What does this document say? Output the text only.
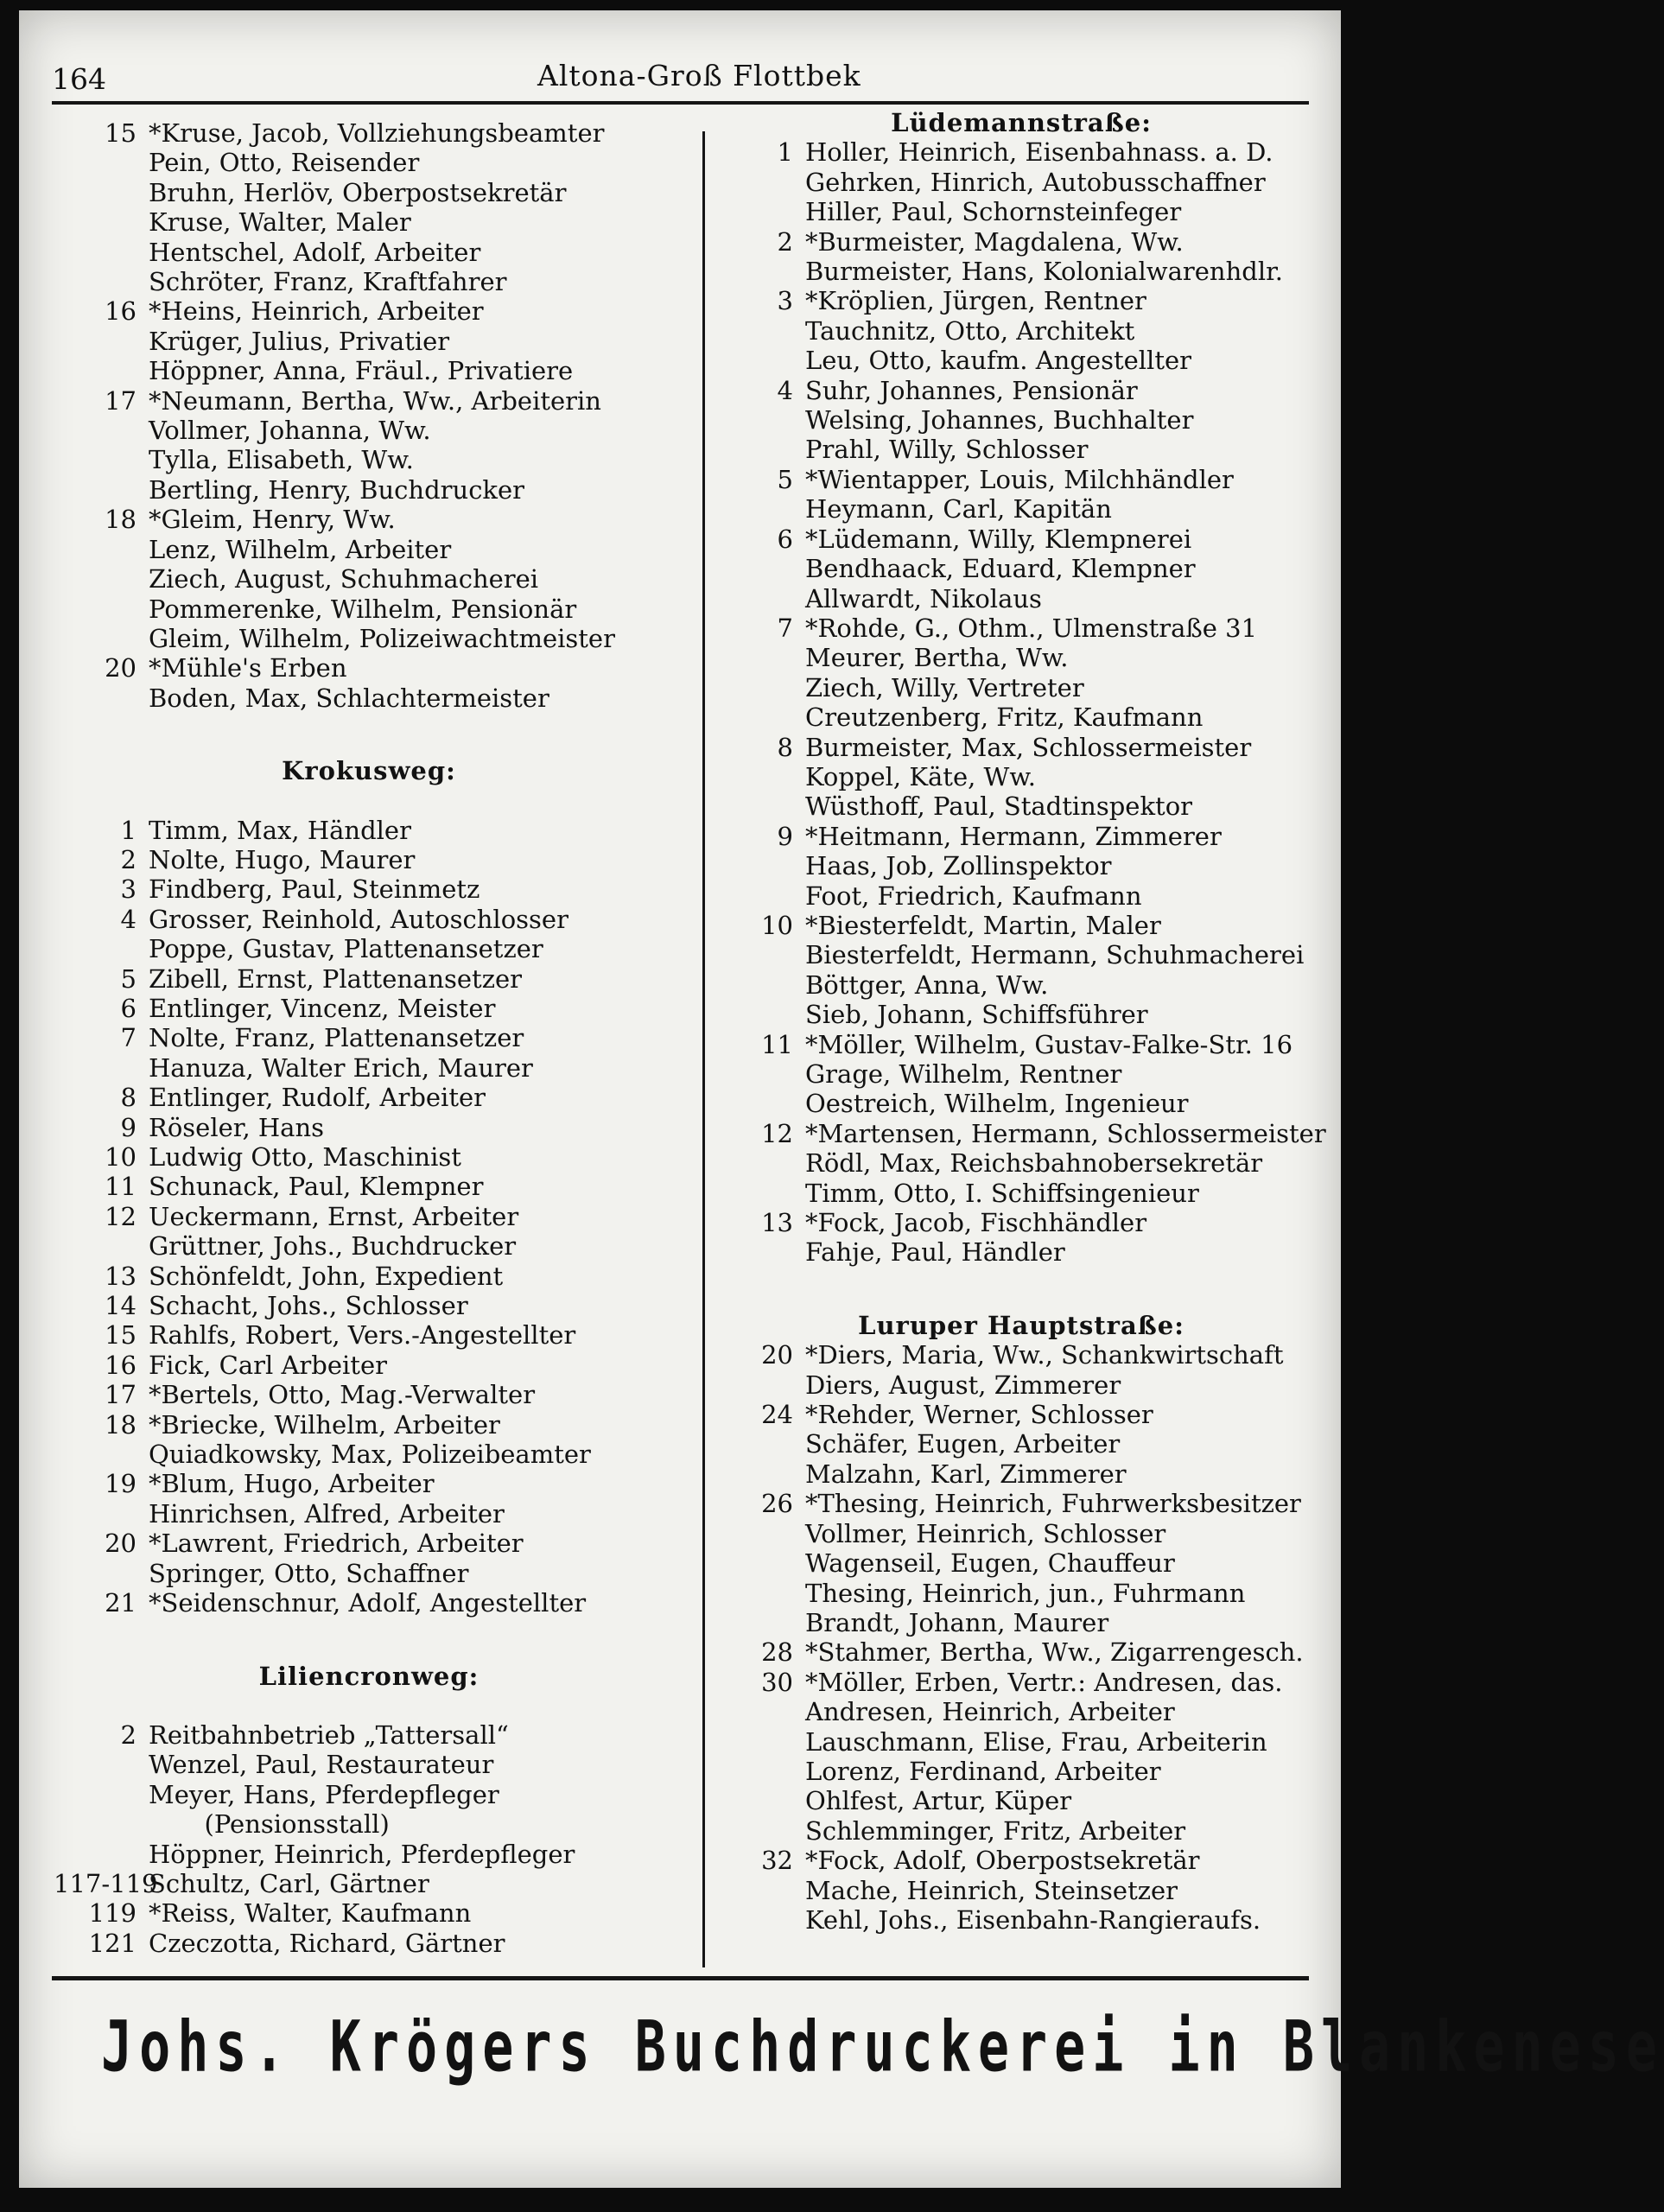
164	Altona-Groß Flottbek
15 *Kruse, Jacob, Vollziehungsbeamter
Pein, Otto, Reisender
Bruhn, Herlöv, Oberpostsekretär
Kruse, Walter, Maler
Hentschel, Adolf, Arbeiter
Schröter, Franz, Kraftfahrer
16 *Heins, Heinrich, Arbeiter
Krüger, Julius, Privatier
Höppner, Anna, Fräul., Privatiere
17 *Neumann, Bertha, Ww., Arbeiterin
Vollmer, Johanna, Ww.
Tylla, Elisabeth, Ww.
Bertling, Henry, Buchdrucker
18 *Gleim, Henry, Ww.
Lenz, Wilhelm, Arbeiter
Ziech, August, Schuhmacherei
Pommerenke, Wilhelm, Pensionär
Gleim, Wilhelm, Polizeiwachtmeister
20 *Mühle's Erben
Boden, Max, Schlachtermeister
Krokusweg:
1 Timm, Max, Händler
2 Nolte, Hugo, Maurer
3 Findberg, Paul, Steinmetz
4 Grosser, Reinhold, Autoschlosser
Poppe, Gustav, Plattenansetzer
5 Zibell, Ernst, Plattenansetzer
6 Entlinger, Vincenz, Meister
7 Nolte, Franz, Plattenansetzer
Hanuza, Walter Erich, Maurer
8 Entlinger, Rudolf, Arbeiter
9 Röseler, Hans
10 Ludwig Otto, Maschinist
11 Schunack, Paul, Klempner
12 Ueckermann, Ernst, Arbeiter
Grüttner, Johs., Buchdrucker
13 Schönfeldt, John, Expedient
14 Schacht, Johs., Schlosser
15 Rahlfs, Robert, Vers.-Angestellter
16 Fick, Carl Arbeiter
17 *Bertels, Otto, Mag.-Verwalter
18 *Briecke, Wilhelm, Arbeiter
Quiadkowsky, Max, Polizeibeamter
19 *Blum, Hugo, Arbeiter
Hinrichsen, Alfred, Arbeiter
20 *Lawrent, Friedrich, Arbeiter
Springer, Otto, Schaffner
21 *Seidenschnur, Adolf, Angestellter
Liliencronweg:
2 Reitbahnbetrieb „Tattersall“
Wenzel, Paul, Restaurateur
Meyer, Hans, Pferdepfleger
(Pensionsstall)
Höppner, Heinrich, Pferdepfleger
117-119
Schultz, Carl, Gärtner
119 *Reiss, Walter, Kaufmann
121 Czeczotta, Richard, Gärtner
Lüdemannstraße:
1 Holler, Heinrich, Eisenbahnass. a. D.
Gehrken, Hinrich, Autobusschaffner
Hiller, Paul, Schornsteinfeger
2 *Burmeister, Magdalena, Ww.
Burmeister, Hans, Kolonialwarenhdlr.
3 *Kröplien, Jürgen, Rentner
Tauchnitz, Otto, Architekt
Leu, Otto, kaufm. Angestellter
4 Suhr, Johannes, Pensionär
Welsing, Johannes, Buchhalter
Prahl, Willy, Schlosser
5 *Wientapper, Louis, Milchhändler
Heymann, Carl, Kapitän
6 *Lüdemann, Willy, Klempnerei
Bendhaack, Eduard, Klempner
Allwardt, Nikolaus
7 *Rohde, G., Othm., Ulmenstraße 31
Meurer, Bertha, Ww.
Ziech, Willy, Vertreter
Creutzenberg, Fritz, Kaufmann
8 Burmeister, Max, Schlossermeister
Koppel, Käte, Ww.
Wüsthoff, Paul, Stadtinspektor
9 *Heitmann, Hermann, Zimmerer
Haas, Job, Zollinspektor
Foot, Friedrich, Kaufmann
10 *Biesterfeldt, Martin, Maler
Biesterfeldt, Hermann, Schuhmacherei
Böttger, Anna, Ww.
Sieb, Johann, Schiffsführer
11 *Möller, Wilhelm, Gustav-Falke-Str. 16
Grage, Wilhelm, Rentner
Oestreich, Wilhelm, Ingenieur
12 *Martensen, Hermann, Schlossermeister
Rödl, Max, Reichsbahnobersekretär
Timm, Otto, I. Schiffsingenieur
13 *Fock, Jacob, Fischhändler
Fahje, Paul, Händler
Luruper Hauptstraße:
20 *Diers, Maria, Ww., Schankwirtschaft
Diers, August, Zimmerer
24 *Rehder, Werner, Schlosser
Schäfer, Eugen, Arbeiter
Malzahn, Karl, Zimmerer
26 *Thesing, Heinrich, Fuhrwerksbesitzer
Vollmer, Heinrich, Schlosser
Wagenseil, Eugen, Chauffeur
Thesing, Heinrich, jun., Fuhrmann
Brandt, Johann, Maurer
28 *Stahmer, Bertha, Ww., Zigarrengesch.
30 *Möller, Erben, Vertr.: Andresen, das.
Andresen, Heinrich, Arbeiter
Lauschmann, Elise, Frau, Arbeiterin
Lorenz, Ferdinand, Arbeiter
Ohlfest, Artur, Küper
Schlemminger, Fritz, Arbeiter
32 *Fock, Adolf, Oberpostsekretär
Mache, Heinrich, Steinsetzer
Kehl, Johs., Eisenbahn-Rangieraufs.
Johs. Krögers Buchdruckerei in Blankenese
